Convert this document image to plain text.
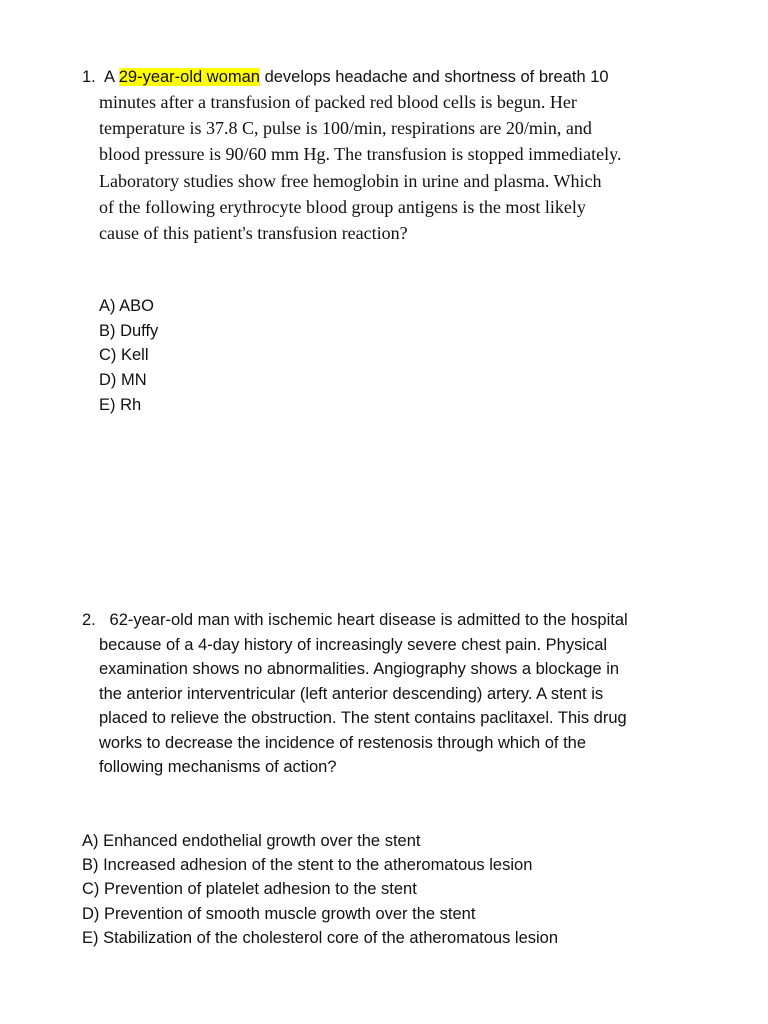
1. A 29-year-old woman develops headache and shortness of breath 10
minutes after a transfusion of packed red blood cells is begun. Her
temperature is 37.8 C, pulse is 100/min, respirations are 20/min, and
blood pressure is 90/60 mm Hg. The transfusion is stopped immediately.
Laboratory studies show free hemoglobin in urine and plasma. Which
of the following erythrocyte blood group antigens is the most likely
cause of this patient's transfusion reaction?
A) ABO
B) Duffy
C) Kell
D) MN
E) Rh
2. 62-year-old man with ischemic heart disease is admitted to the hospital
because of a 4-day history of increasingly severe chest pain. Physical
examination shows no abnormalities. Angiography shows a blockage in
the anterior interventricular (left anterior descending) artery. A stent is
placed to relieve the obstruction. The stent contains paclitaxel. This drug
works to decrease the incidence of restenosis through which of the
following mechanisms of action?
A) Enhanced endothelial growth over the stent
B) Increased adhesion of the stent to the atheromatous lesion
C) Prevention of platelet adhesion to the stent
D) Prevention of smooth muscle growth over the stent
E) Stabilization of the cholesterol core of the atheromatous lesion
